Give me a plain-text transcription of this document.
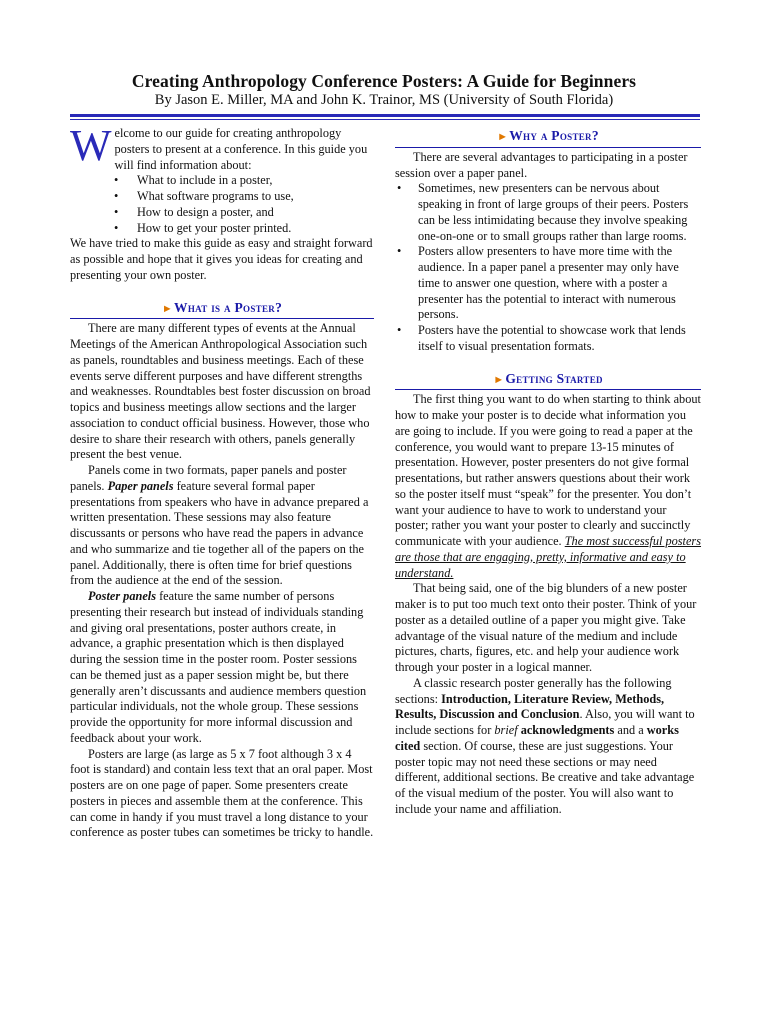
Creating Anthropology Conference Posters: A Guide for Beginners
By Jason E. Miller, MA and John K. Trainor, MS (University of South Florida)
W elcome to our guide for creating anthropology posters to present at a conference. In this guide you will find information about:

• What to include in a poster,
• What software programs to use,
• How to design a poster, and
• How to get your poster printed.

We have tried to make this guide as easy and straight forward as possible and hope that it gives you ideas for creating and presenting your own poster.

►What is a Poster?

There are many different types of events at the Annual Meetings of the American Anthropological Association such as panels, roundtables and business meetings. Each of these events serve different purposes and have different strengths and weaknesses. Roundtables best foster discussion on broad topics and business meetings allow sections and the larger association to conduct official business. However, those who desire to share their research with others, panels generally present the best venue.

Panels come in two formats, paper panels and poster panels. Paper panels feature several formal paper presentations from speakers who have in advance prepared a written presentation. These sessions may also feature discussants or persons who have read the papers in advance and who summarize and tie together all of the papers on the panel. Additionally, there is often time for brief questions from the audience at the end of the session.

Poster panels feature the same number of persons presenting their research but instead of individuals standing and giving oral presentations, poster authors create, in advance, a graphic presentation which is then displayed during the session time in the poster room. Poster sessions can be themed just as a paper session might be, but there generally aren’t discussants and audience members question particular individuals, not the whole group. These sessions provide the opportunity for more informal discussion and feedback about your work.

Posters are large (as large as 5 x 7 foot although 3 x 4 foot is standard) and contain less text that an oral paper. Most posters are on one page of paper. Some presenters create posters in pieces and assemble them at the conference. This can come in handy if you must travel a long distance to your conference as poster tubes can sometimes be tricky to handle.

►Why a Poster?

There are several advantages to participating in a poster session over a paper panel.

• Sometimes, new presenters can be nervous about speaking in front of large groups of their peers. Posters can be less intimidating because they involve speaking one-on-one or to small groups rather than large rooms.
• Posters allow presenters to have more time with the audience. In a paper panel a presenter may only have time to answer one question, where with a poster a presenter has the potential to interact with numerous persons.
• Posters have the potential to showcase work that lends itself to visual presentation formats.
►Getting Started

The first thing you want to do when starting to think about how to make your poster is to decide what information you are going to include. If you were going to read a paper at the conference, you would want to prepare 13-15 minutes of presentation. However, poster presenters do not give formal presentations, but rather answers questions about their work so the poster itself must “speak” for the presenter. You don’t want your audience to have to work to understand your poster; rather you want your poster to clearly and succinctly communicate with your audience. The most successful posters are those that are engaging, pretty, informative and easy to understand.

That being said, one of the big blunders of a new poster maker is to put too much text onto their poster. Think of your poster as a detailed outline of a paper you might give. Take advantage of the visual nature of the medium and include pictures, charts, figures, etc. and help your audience work through your poster in a logical manner.

A classic research poster generally has the following sections: Introduction, Literature Review, Methods, Results, Discussion and Conclusion. Also, you will want to include sections for brief acknowledgments and a works cited section. Of course, these are just suggestions. Your poster topic may not need these sections or may need different, additional sections. Be creative and take advantage of the visual medium of the poster. You will also want to include your name and affiliation.
